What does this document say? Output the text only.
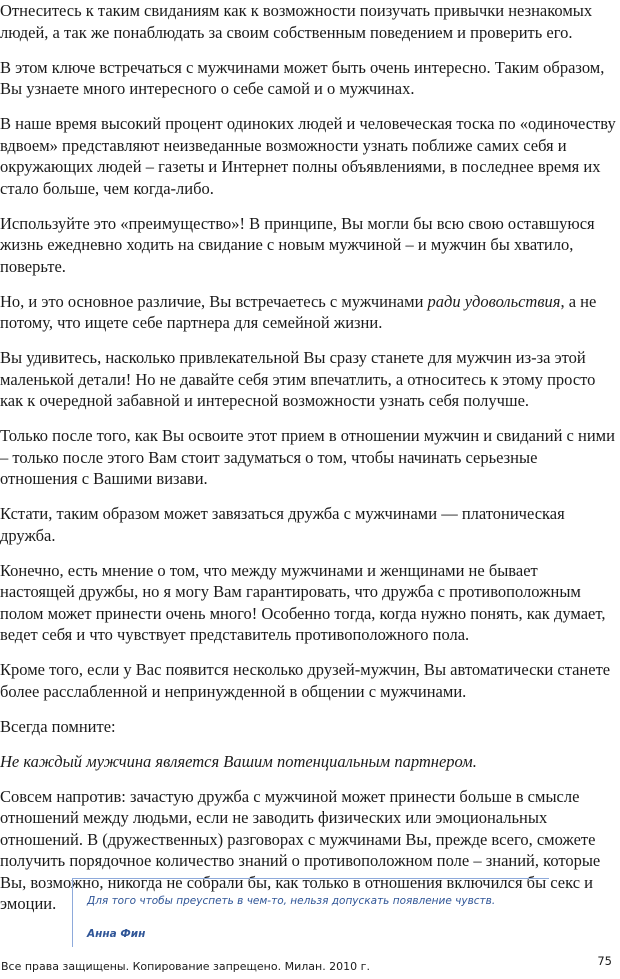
Отнеситесь к таким свиданиям как к возможности поизучать привычки незнакомых людей, а так же понаблюдать за своим собственным поведением и проверить его.

В этом ключе встречаться с мужчинами может быть очень интересно. Таким образом, Вы узнаете много интересного о себе самой и о мужчинах.

В наше время высокий процент одиноких людей и человеческая тоска по «одиночеству вдвоем» представляют неизведанные возможности узнать поближе самих себя и окружающих людей – газеты и Интернет полны объявлениями, в последнее время их стало больше, чем когда-либо.

Используйте это «преимущество»! В принципе, Вы могли бы всю свою оставшуюся жизнь ежедневно ходить на свидание с новым мужчиной – и мужчин бы хватило, поверьте.

Но, и это основное различие, Вы встречаетесь с мужчинами ради удовольствия, а не потому, что ищете себе партнера для семейной жизни.

Вы удивитесь, насколько привлекательной Вы сразу станете для мужчин из-за этой маленькой детали! Но не давайте себя этим впечатлить, а относитесь к этому просто как к очередной забавной и интересной возможности узнать себя получше.

Только после того, как Вы освоите этот прием в отношении мужчин и свиданий с ними – только после этого Вам стоит задуматься о том, чтобы начинать серьезные отношения с Вашими визави.

Кстати, таким образом может завязаться дружба с мужчинами — платоническая дружба.

Конечно, есть мнение о том, что между мужчинами и женщинами не бывает настоящей дружбы, но я могу Вам гарантировать, что дружба с противоположным полом может принести очень много! Особенно тогда, когда нужно понять, как думает, ведет себя и что чувствует представитель противоположного пола.

Кроме того, если у Вас появится несколько друзей-мужчин, Вы автоматически станете более расслабленной и непринужденной в общении с мужчинами.

Всегда помните:

Не каждый мужчина является Вашим потенциальным партнером.

Совсем напротив: зачастую дружба с мужчиной может принести больше в смысле отношений между людьми, если не заводить физических или эмоциональных отношений. В (дружественных) разговорах с мужчинами Вы, прежде всего, сможете получить порядочное количество знаний о противоположном поле – знаний, которые Вы, возможно, никогда не собрали бы, как только в отношения включился бы секс и эмоции.	Для того чтобы преуспеть в чем-то, нельзя допускать появление чувств.
Анна Фин
Все права защищены. Копирование запрещено. Милан. 2010 г.	75
